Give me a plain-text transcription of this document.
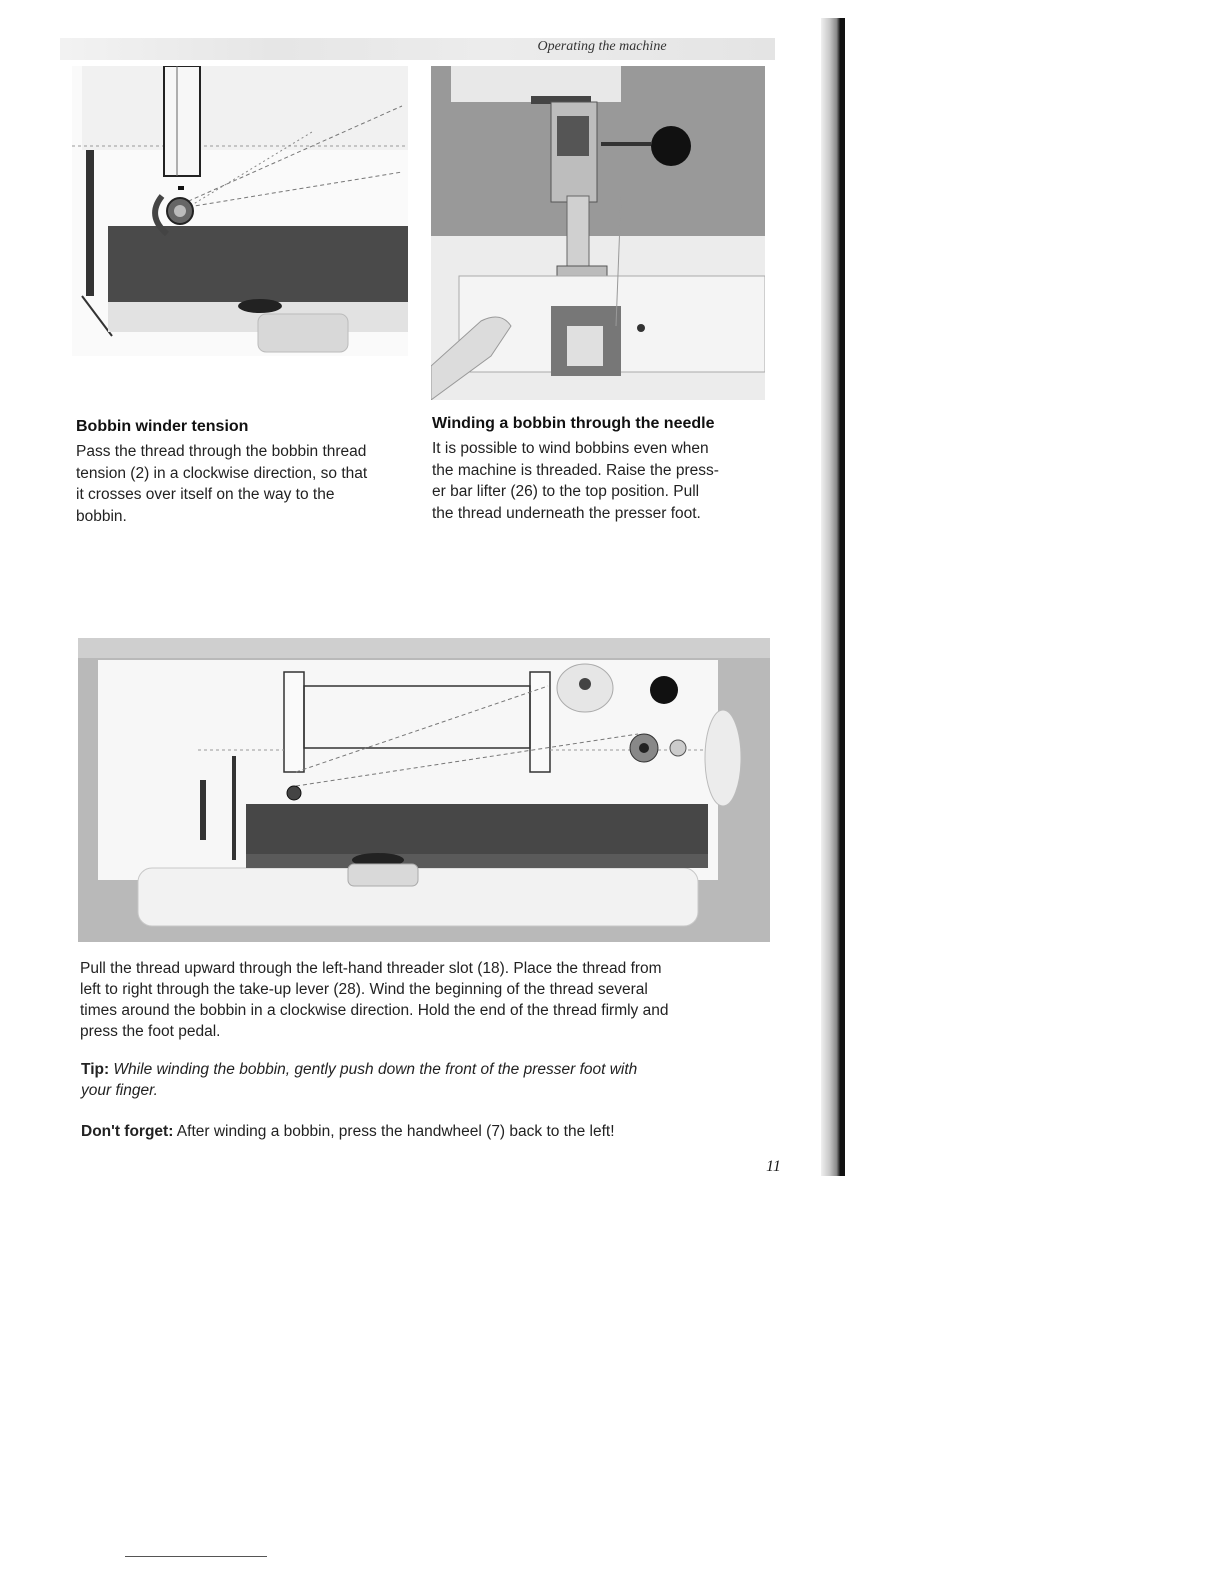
Operating the machine
Bobbin winder tension
Pass the thread through the bobbin thread
tension (2) in a clockwise direction, so that
it crosses over itself on the way to the
bobbin.
Winding a bobbin through the needle
It is possible to wind bobbins even when
the machine is threaded. Raise the press-
er bar lifter (26) to the top position. Pull
the thread underneath the presser foot.
Pull the thread upward through the left-hand threader slot (18). Place the thread from
left to right through the take-up lever (28). Wind the beginning of the thread several
times around the bobbin in a clockwise direction. Hold the end of the thread firmly and
press the foot pedal.
Tip: While winding the bobbin, gently push down the front of the presser foot with
your finger.
Don't forget: After winding a bobbin, press the handwheel (7) back to the left!
11
